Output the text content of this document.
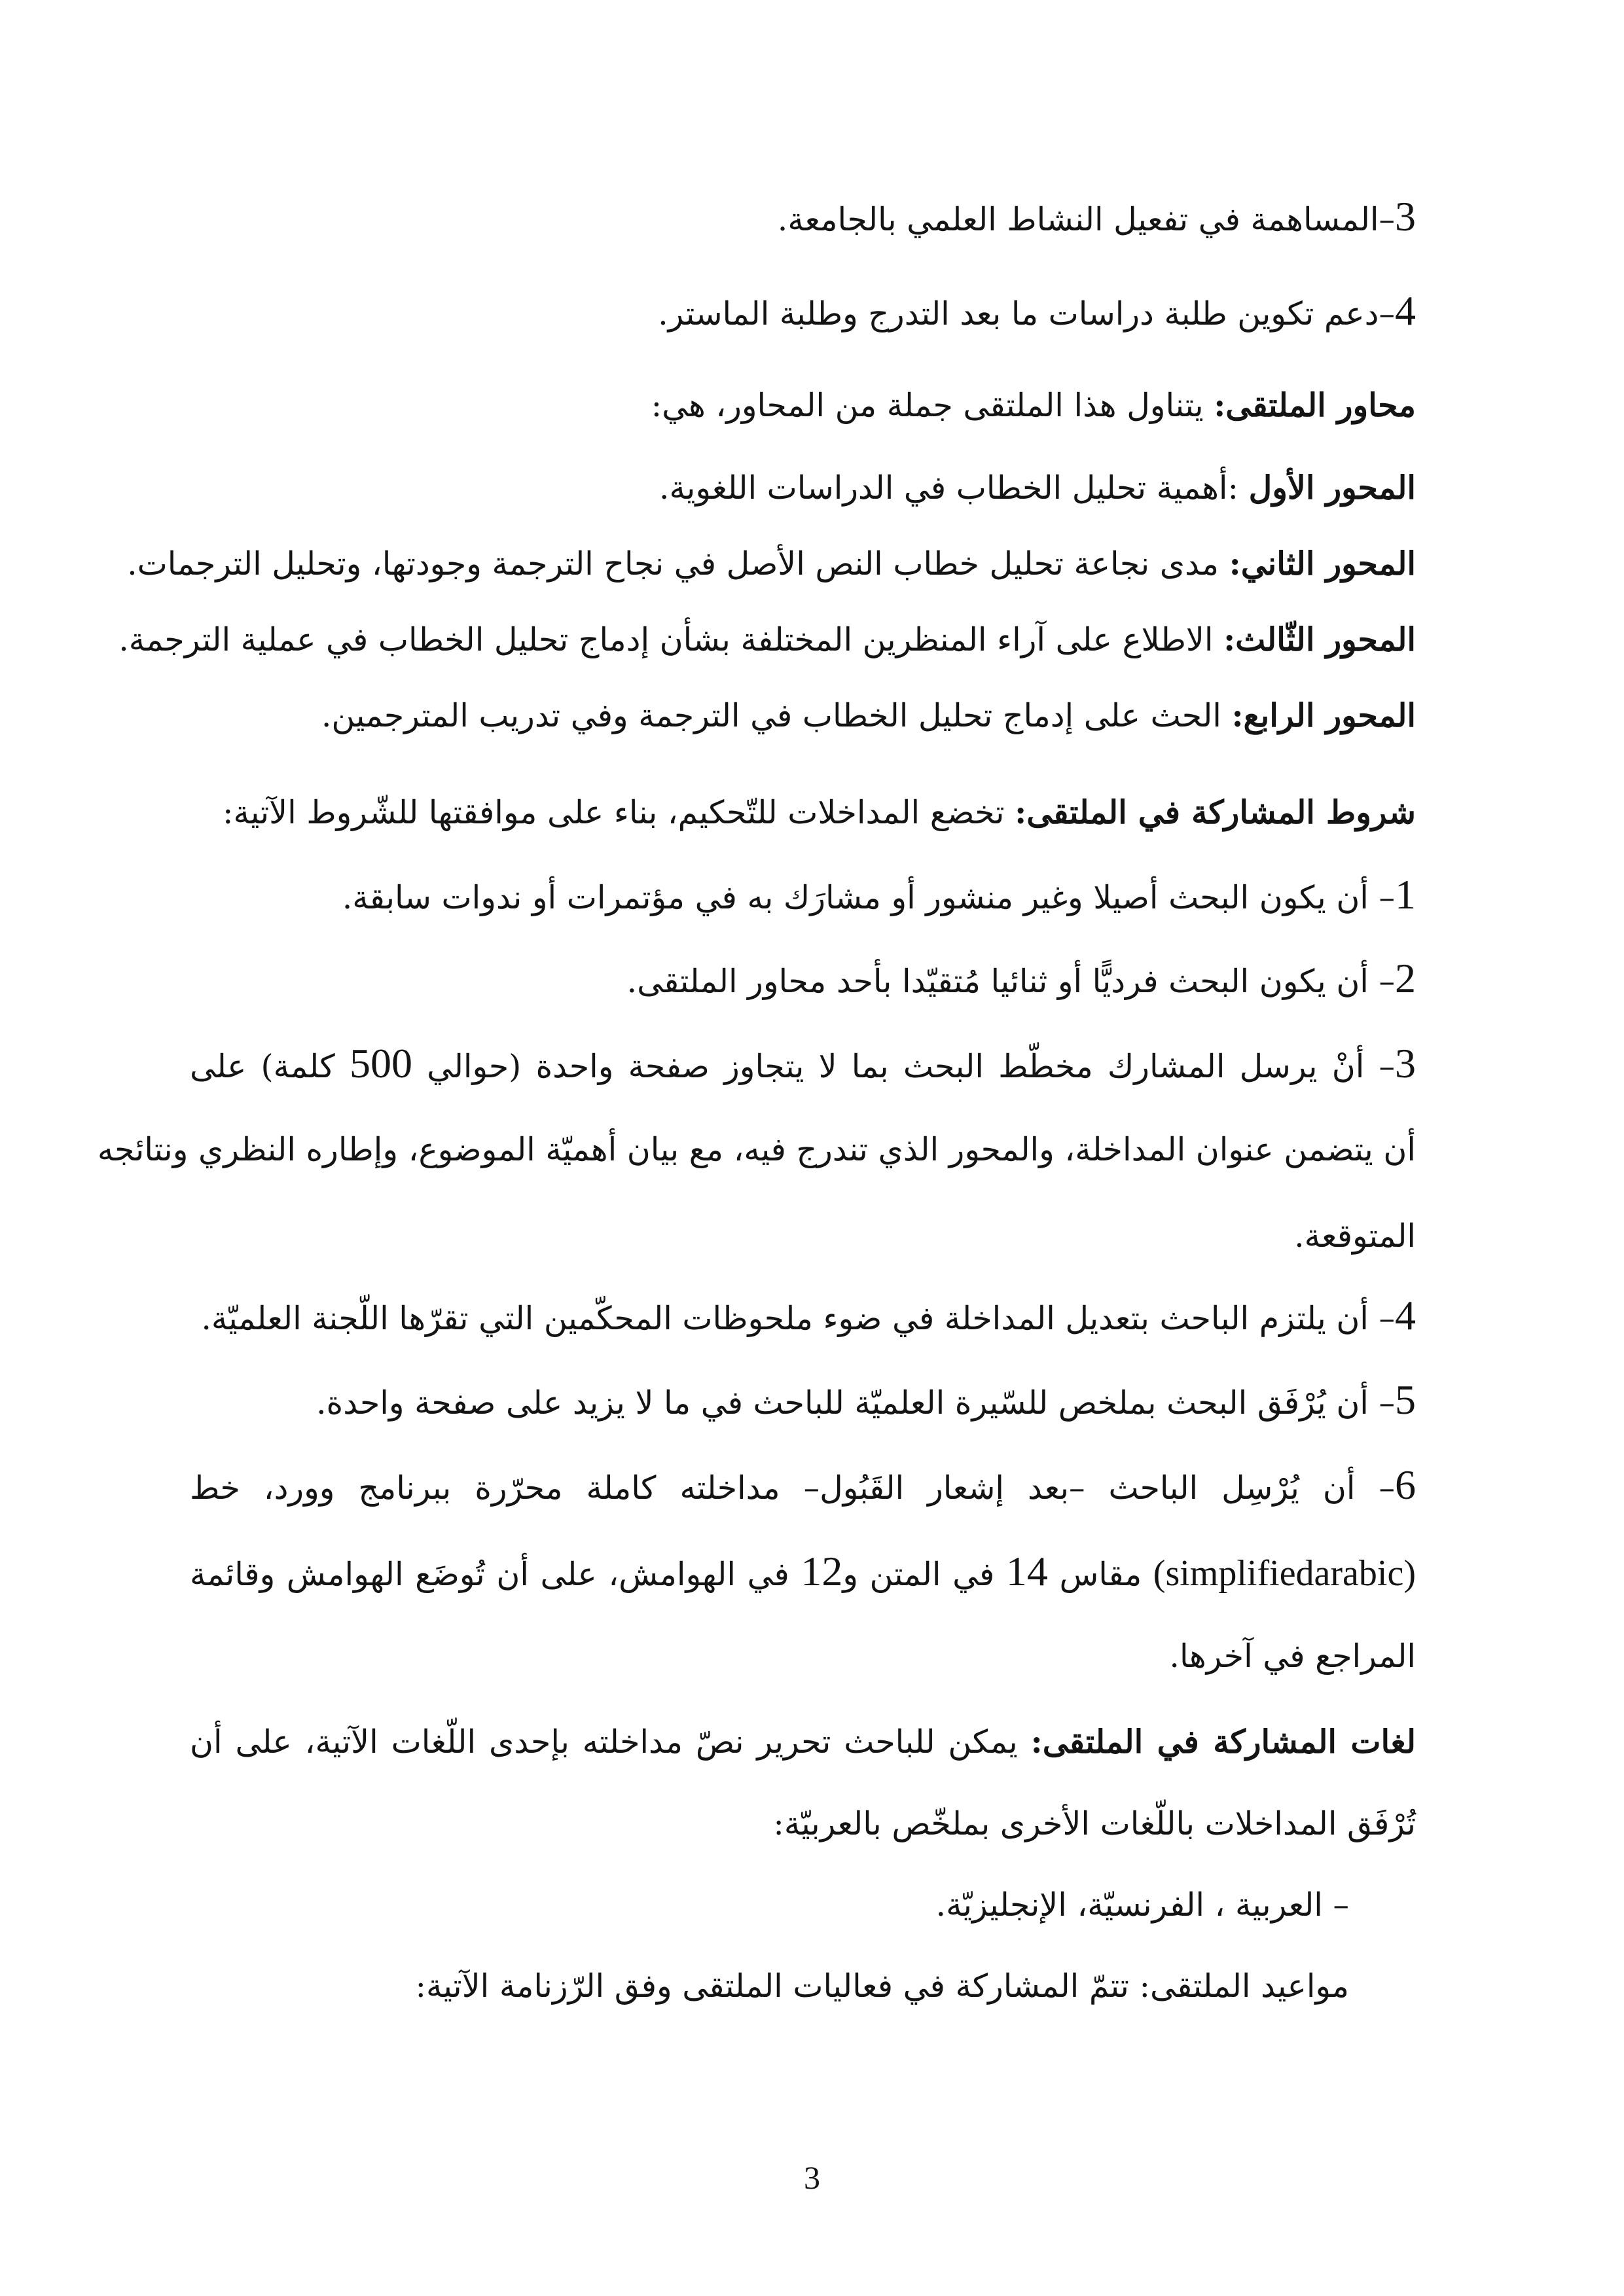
3–المساهمة في تفعيل النشاط العلمي بالجامعة.

4–دعم تكوين طلبة دراسات ما بعد التدرج وطلبة الماستر.

محاور الملتقى: يتناول هذا الملتقى جملة من المحاور، هي:

المحور الأول :أهمية تحليل الخطاب في الدراسات اللغوية.

المحور الثاني: مدى نجاعة تحليل خطاب النص الأصل في نجاح الترجمة وجودتها، وتحليل الترجمات.

المحور الثّالث: الاطلاع على آراء المنظرين المختلفة بشأن إدماج تحليل الخطاب في عملية الترجمة.

المحور الرابع: الحث على إدماج تحليل الخطاب في الترجمة وفي تدريب المترجمين.

شروط المشاركة في الملتقى: تخضع المداخلات للتّحكيم، بناء على موافقتها للشّروط الآتية:

1– أن يكون البحث أصيلا وغير منشور أو مشارَك به في مؤتمرات أو ندوات سابقة.

2– أن يكون البحث فرديًّا أو ثنائيا مُتقيّدا بأحد محاور الملتقى.

3– أنْ يرسل المشارك مخطّط البحث بما لا يتجاوز صفحة واحدة (حوالي 500 كلمة) على

أن يتضمن عنوان المداخلة، والمحور الذي تندرج فيه، مع بيان أهميّة الموضوع، وإطاره النظري ونتائجه

المتوقعة.

4– أن يلتزم الباحث بتعديل المداخلة في ضوء ملحوظات المحكّمين التي تقرّها اللّجنة العلميّة.

5– أن يُرْفَق البحث بملخص للسّيرة العلميّة للباحث في ما لا يزيد على صفحة واحدة.

6– أن يُرْسِل الباحث –بعد إشعار القَبُول– مداخلته كاملة محرّرة ببرنامج وورد، خط

(simplifiedarabic) مقاس 14 في المتن و12 في الهوامش، على أن تُوضَع الهوامش وقائمة

المراجع في آخرها.

لغات المشاركة في الملتقى: يمكن للباحث تحرير نصّ مداخلته بإحدى اللّغات الآتية، على أن

تُرْفَق المداخلات باللّغات الأخرى بملخّص بالعربيّة:

– العربية ، الفرنسيّة، الإنجليزيّة.

مواعيد الملتقى: تتمّ المشاركة في فعاليات الملتقى وفق الرّزنامة الآتية:

3
